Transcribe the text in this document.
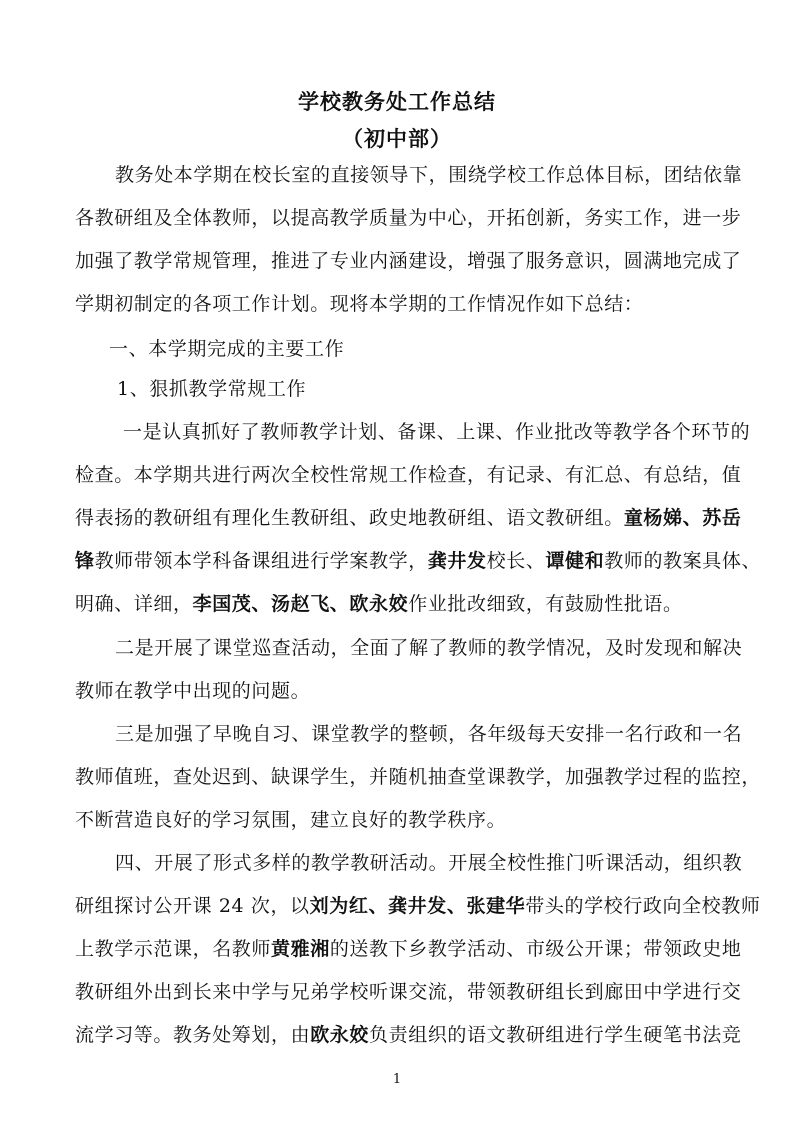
学校教务处工作总结
（初中部）
教务处本学期在校长室的直接领导下，围绕学校工作总体目标，团结依靠
各教研组及全体教师，以提高教学质量为中心，开拓创新，务实工作，进一步
加强了教学常规管理，推进了专业内涵建设，增强了服务意识，圆满地完成了
学期初制定的各项工作计划。现将本学期的工作情况作如下总结：
一、本学期完成的主要工作
1、狠抓教学常规工作
一是认真抓好了教师教学计划、备课、上课、作业批改等教学各个环节的
检查。本学期共进行两次全校性常规工作检查，有记录、有汇总、有总结，值
得表扬的教研组有理化生教研组、政史地教研组、语文教研组。童杨娣、苏岳
锋教师带领本学科备课组进行学案教学，龚井发校长、谭健和教师的教案具体、
明确、详细，李国茂、汤赵飞、欧永姣作业批改细致，有鼓励性批语。
二是开展了课堂巡查活动，全面了解了教师的教学情况，及时发现和解决
教师在教学中出现的问题。
三是加强了早晚自习、课堂教学的整顿，各年级每天安排一名行政和一名
教师值班，查处迟到、缺课学生，并随机抽查堂课教学，加强教学过程的监控，
不断营造良好的学习氛围，建立良好的教学秩序。
四、开展了形式多样的教学教研活动。开展全校性推门听课活动，组织教
研组探讨公开课 24 次，以刘为红、龚井发、张建华带头的学校行政向全校教师
上教学示范课，名教师黄雅湘的送教下乡教学活动、市级公开课；带领政史地
教研组外出到长来中学与兄弟学校听课交流，带领教研组长到廊田中学进行交
流学习等。教务处筹划，由欧永姣负责组织的语文教研组进行学生硬笔书法竞
1
